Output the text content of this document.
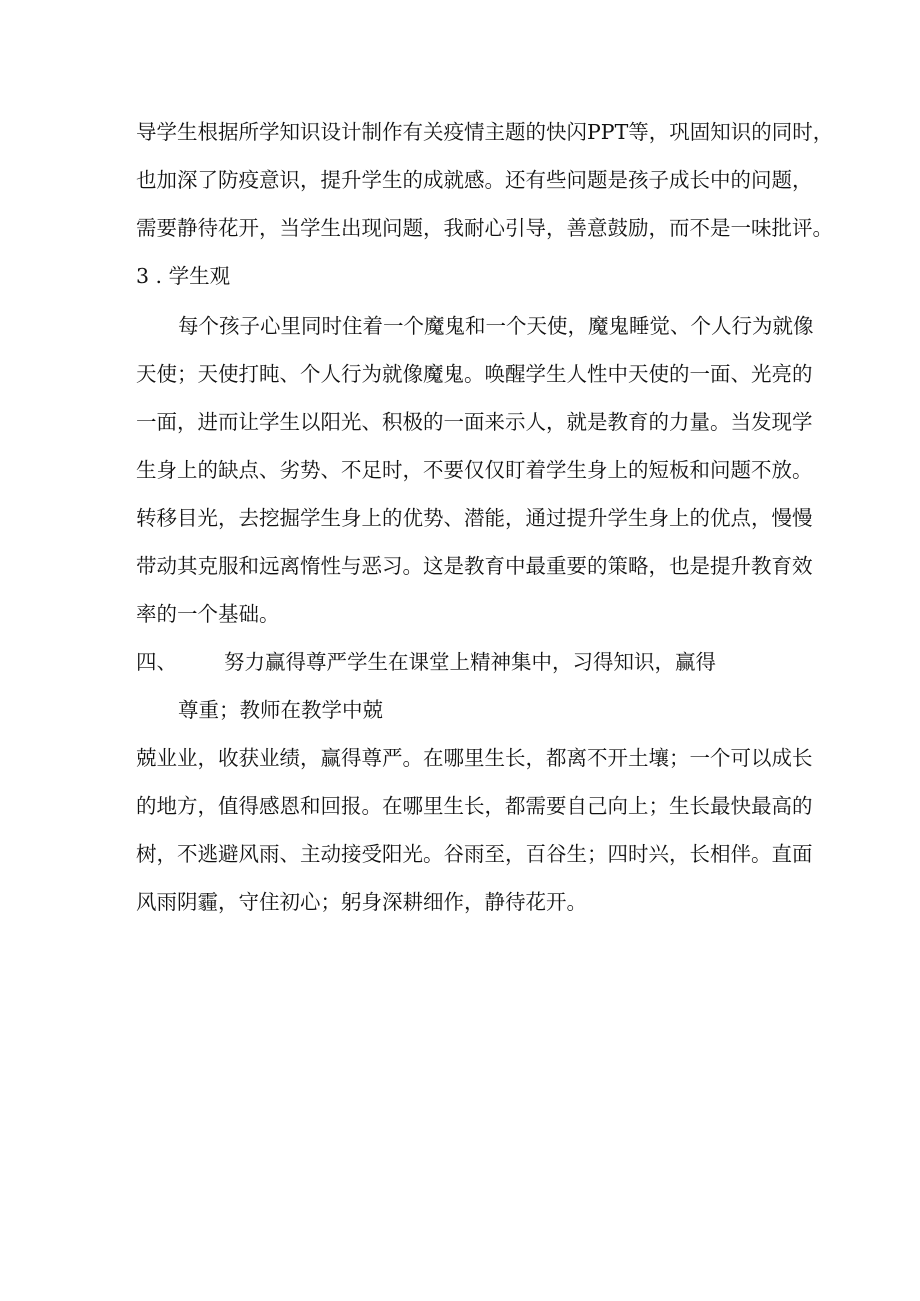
导学生根据所学知识设计制作有关疫情主题的快闪PPT等，巩固知识的同时，
也加深了防疫意识，提升学生的成就感。还有些问题是孩子成长中的问题，
需要静待花开，当学生出现问题，我耐心引导，善意鼓励，而不是一味批评。
3 . 学生观
每个孩子心里同时住着一个魔鬼和一个天使，魔鬼睡觉、个人行为就像
天使；天使打盹、个人行为就像魔鬼。唤醒学生人性中天使的一面、光亮的
一面，进而让学生以阳光、积极的一面来示人，就是教育的力量。当发现学
生身上的缺点、劣势、不足时，不要仅仅盯着学生身上的短板和问题不放。
转移目光，去挖掘学生身上的优势、潜能，通过提升学生身上的优点，慢慢
带动其克服和远离惰性与恶习。这是教育中最重要的策略，也是提升教育效
率的一个基础。
四、 努力赢得尊严学生在课堂上精神集中，习得知识，赢得
尊重；教师在教学中兢
兢业业，收获业绩，赢得尊严。在哪里生长，都离不开土壤；一个可以成长
的地方，值得感恩和回报。在哪里生长，都需要自己向上；生长最快最高的
树，不逃避风雨、主动接受阳光。谷雨至，百谷生；四时兴，长相伴。直面
风雨阴霾，守住初心；躬身深耕细作，静待花开。
